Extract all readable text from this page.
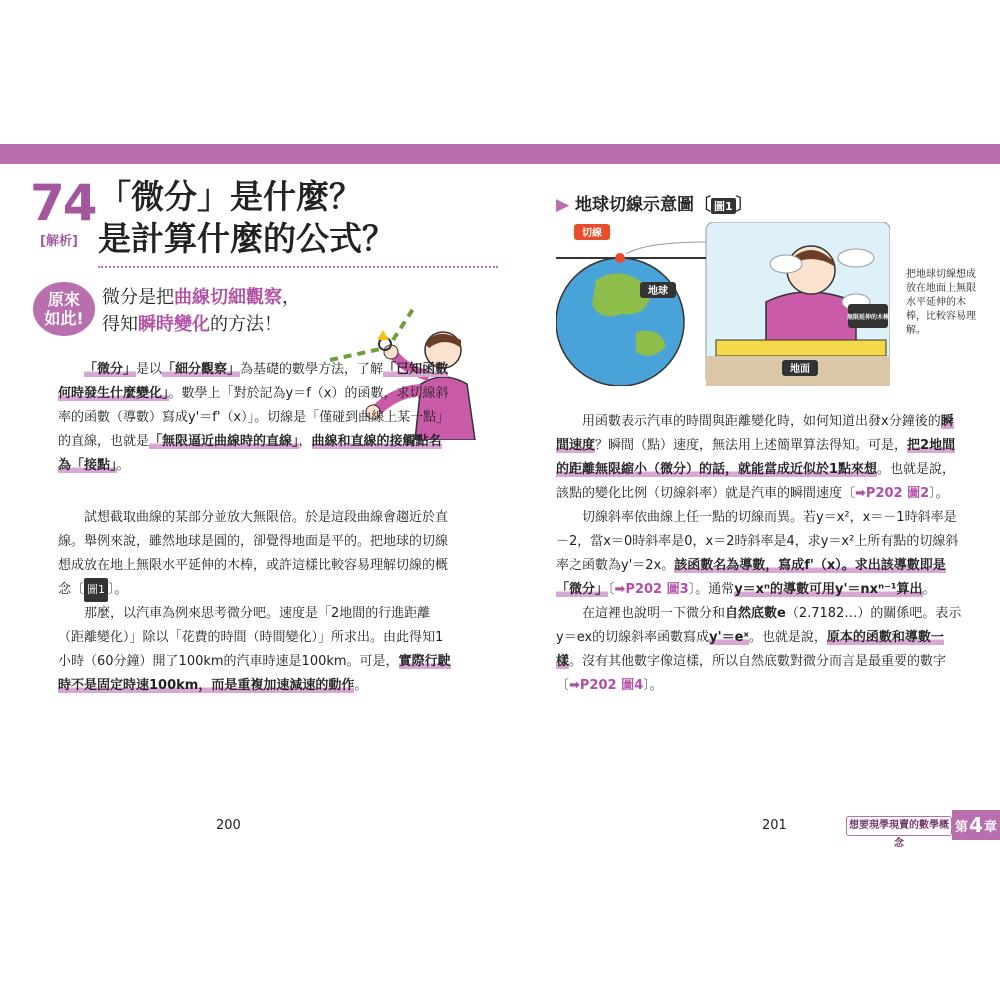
74
[解析]
「微分」是什麼？
是計算什麼的公式？
原來
如此!
微分是把曲線切細觀察，
得知瞬時變化的方法！
「微分」是以「細分觀察」為基礎的數學方法，了解「已知函數何時發生什麼變化」。數學上「對於記為y＝f（x）的函數，求切線斜率的函數（導數）寫成y'＝f'（x）」。切線是「僅碰到曲線上某一點」的直線，也就是「無限逼近曲線時的直線」，曲線和直線的接觸點名為「接點」。
試想截取曲線的某部分並放大無限倍。於是這段曲線會趨近於直線。舉例來說，雖然地球是圓的，卻覺得地面是平的。把地球的切線想成放在地上無限水平延伸的木棒，或許這樣比較容易理解切線的概念〔 圖1 〕。
那麼，以汽車為例來思考微分吧。速度是「2地間的行進距離（距離變化）」除以「花費的時間（時間變化）」所求出。由此得知1小時（60分鐘）開了100km的汽車時速是100km。可是，實際行駛時不是固定時速100km，而是重複加速減速的動作。
200
▶ 地球切線示意圖〔 圖1 〕
切線
地球
地面
無限延伸的木棒
把地球切線想成放在地面上無限水平延伸的木棒，比較容易理解。
用函數表示汽車的時間與距離變化時，如何知道出發x分鐘後的瞬間速度？瞬間（點）速度，無法用上述簡單算法得知。可是，把2地間的距離無限縮小（微分）的話，就能當成近似於1點來想。也就是說，該點的變化比例（切線斜率）就是汽車的瞬間速度〔➡P202 圖2〕。
切線斜率依曲線上任一點的切線而異。若y＝x²，x＝－1時斜率是－2，當x＝0時斜率是0，x＝2時斜率是4，求y＝x²上所有點的切線斜率之函數為y'＝2x。該函數名為導數，寫成f'（x）。求出該導數即是「微分」〔➡P202 圖3〕。通常y＝xⁿ的導數可用y'＝nxⁿ⁻¹算出。
在這裡也說明一下微分和自然底數e（2.7182…）的關係吧。表示y＝ex的切線斜率函數寫成y'＝eˣ。也就是說，原本的函數和導數一樣。沒有其他數字像這樣，所以自然底數對微分而言是最重要的數字〔➡P202 圖4〕。
201	想要現學現賣的數學概念
第 4 章
